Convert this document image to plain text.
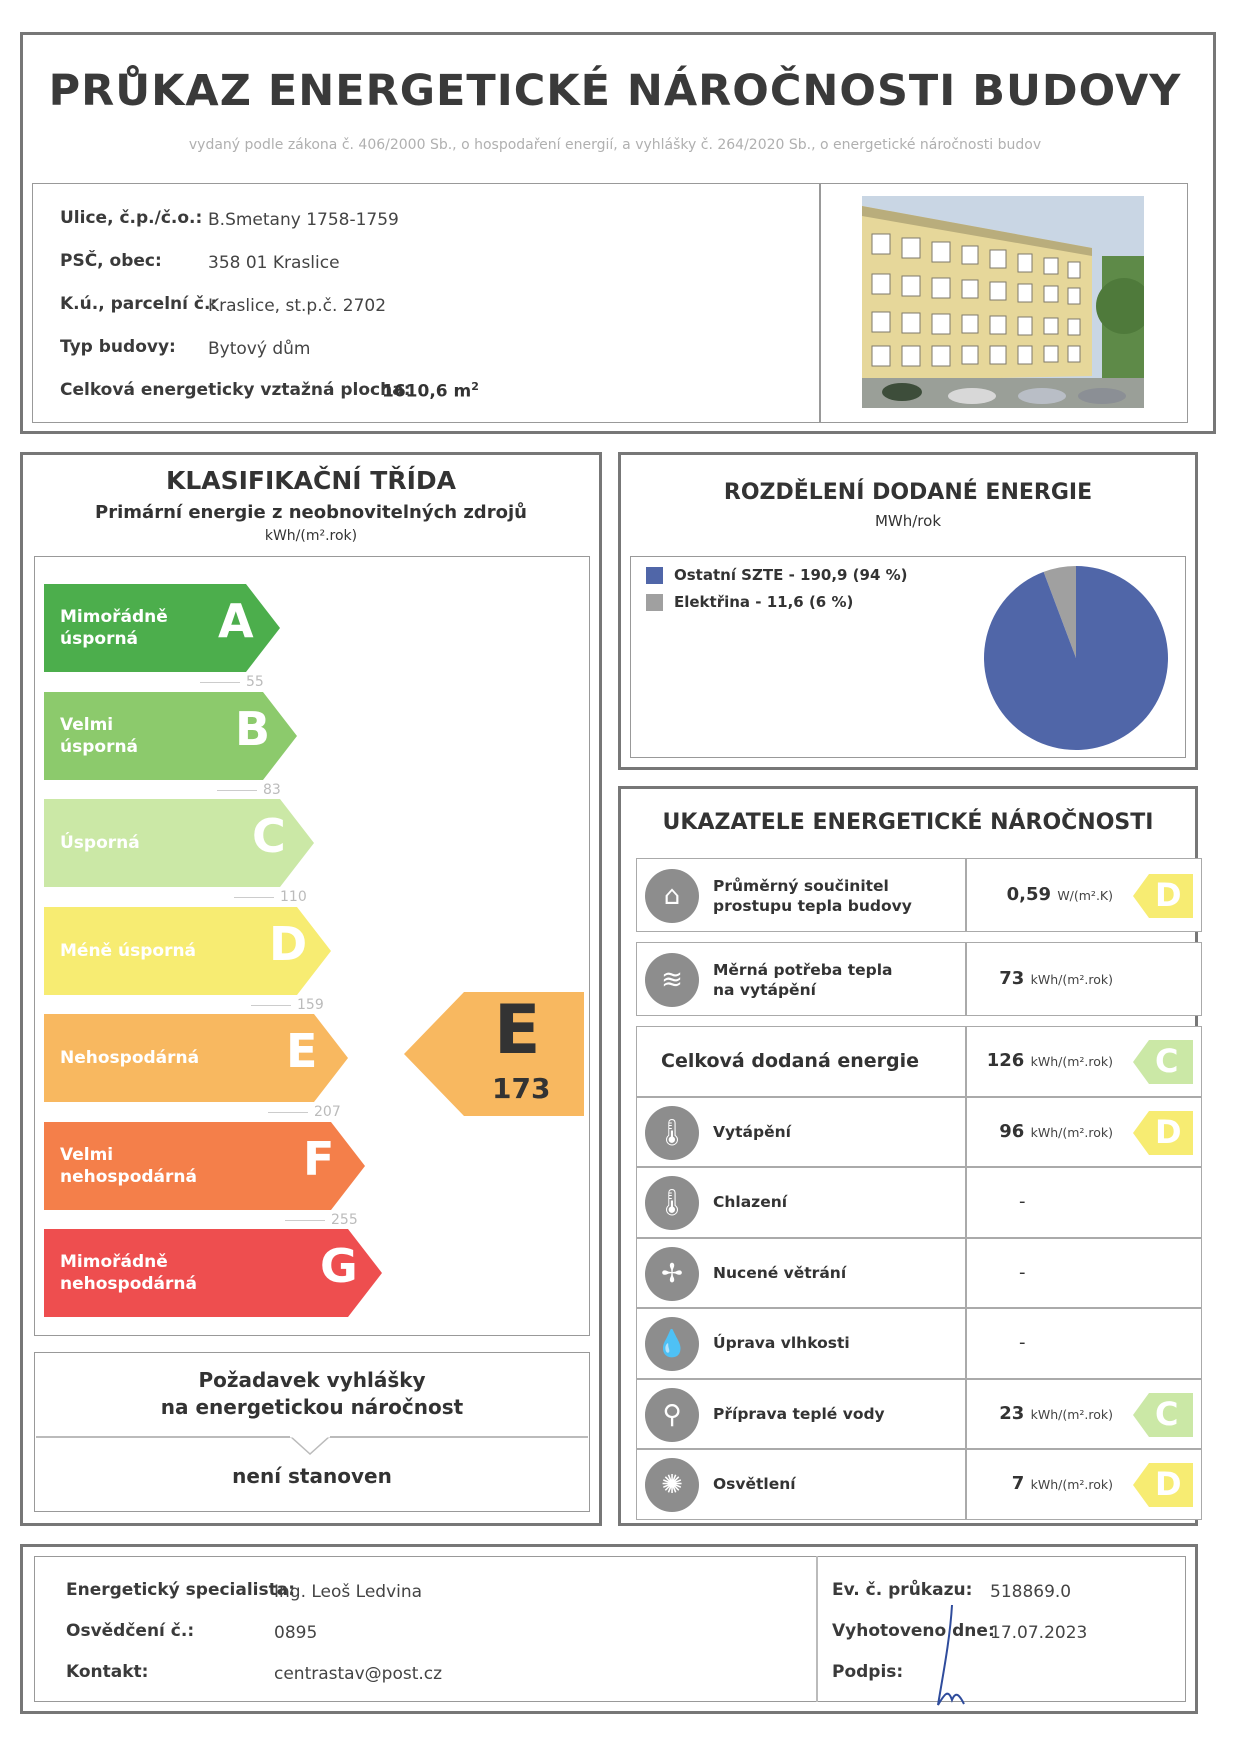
PRŮKAZ ENERGETICKÉ NÁROČNOSTI BUDOVY
vydaný podle zákona č. 406/2000 Sb., o hospodaření energií, a vyhlášky č. 264/2020 Sb., o energetické náročnosti budov
Ulice, č.p./č.o.: B.Smetany 1758-1759
PSČ, obec:	358 01 Kraslice
K.ú., parcelní č.:
Kraslice, st.p.č. 2702
Typ budovy: Bytový dům
Celková energeticky vztažná plocha:
1610,6 $m^2$
KLASIFIKAČNÍ TŘÍDA
Primární energie z neobnovitelných zdrojů
kWh/(m².rok)
Mimořádně
úsporná	A
55
Velmi
úsporná B
83
Úsporná C
110
Méně úsporná D
159
Nehospodárná E
207
Velmi
nehospodárná F
255
Mimořádně
nehospodárná	G
E
173
Požadavek vyhlášky
na energetickou náročnost
není stanoven
ROZDĚLENÍ DODANÉ ENERGIE
MWh/rok
Ostatní SZTE - 190,9 (94 %)
Elektřina - 11,6 (6 %)
UKAZATELE ENERGETICKÉ NÁROČNOSTI
⌂	Průměrný součinitel
prostupu tepla budovy
0,59 W/(m².K) D
≋	Měrná potřeba tepla
na vytápění
73 kWh/(m².rok)
Celková dodaná energie	126 kWh/(m².rok) C
🌡	Vytápění	96 kWh/(m².rok) D
🌡	Chlazení	-
✢	Nucené větrání	-
💧	Úprava vlhkosti	-
⚲	Příprava teplé vody	23 kWh/(m².rok) C
✺	Osvětlení	7 kWh/(m².rok) D
Energetický specialista:
Ing. Leoš Ledvina
Osvědčení č.:	0895
Kontakt:	centrastav@post.cz
Ev. č. průkazu: 518869.0
Vyhotoveno dne:
17.07.2023
Podpis:
